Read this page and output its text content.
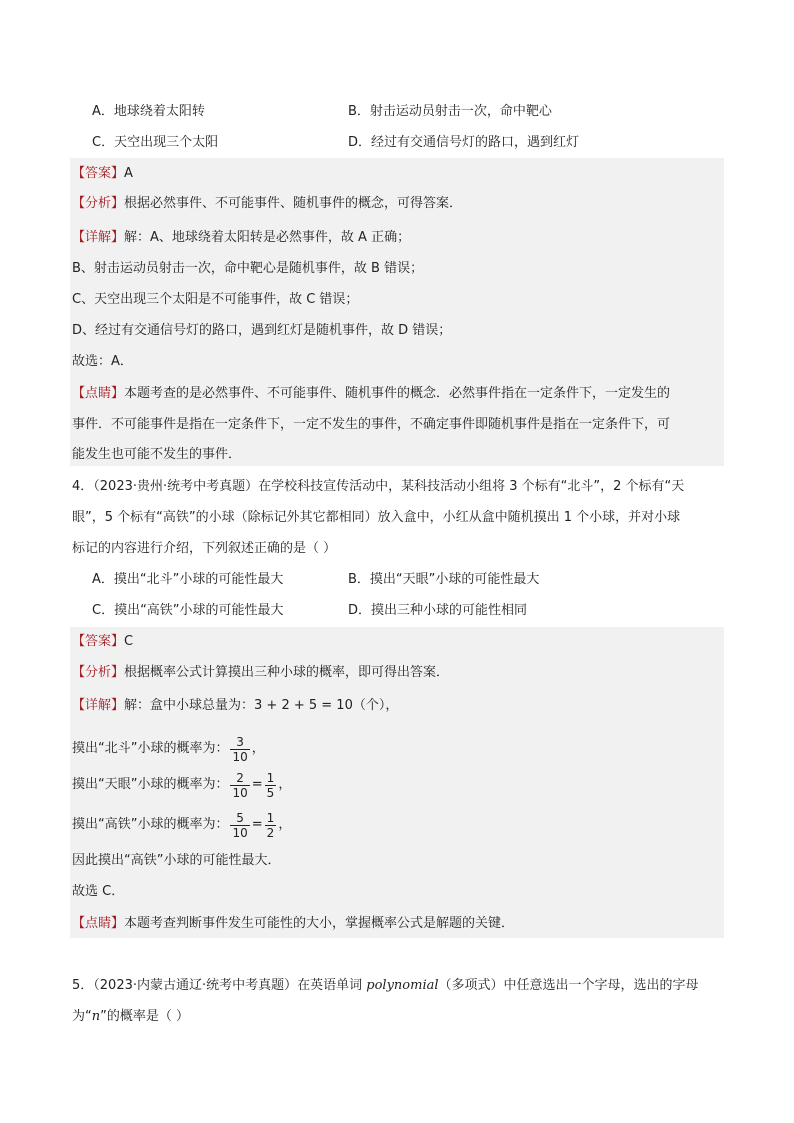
A．地球绕着太阳转	B．射击运动员射击一次，命中靶心
C．天空出现三个太阳	D．经过有交通信号灯的路口，遇到红灯
【答案】A
【分析】根据必然事件、不可能事件、随机事件的概念，可得答案．
【详解】解：A、地球绕着太阳转是必然事件，故 A 正确；
B、射击运动员射击一次，命中靶心是随机事件，故 B 错误；
C、天空出现三个太阳是不可能事件，故 C 错误；
D、经过有交通信号灯的路口，遇到红灯是随机事件，故 D 错误；
故选：A．
【点睛】本题考查的是必然事件、不可能事件、随机事件的概念．必然事件指在一定条件下，一定发生的
事件．不可能事件是指在一定条件下，一定不发生的事件，不确定事件即随机事件是指在一定条件下，可
能发生也可能不发生的事件．
4．（2023·贵州·统考中考真题）在学校科技宣传活动中，某科技活动小组将 3 个标有“北斗”，2 个标有“天
眼”，5 个标有“高铁”的小球（除标记外其它都相同）放入盒中，小红从盒中随机摸出 1 个小球，并对小球
标记的内容进行介绍，下列叙述正确的是（ ）
A．摸出“北斗”小球的可能性最大	B．摸出“天眼”小球的可能性最大
C．摸出“高铁”小球的可能性最大	D．摸出三种小球的可能性相同
【答案】C
【分析】根据概率公式计算摸出三种小球的概率，即可得出答案．
【详解】解：盒中小球总量为：3 + 2 + 5 = 10（个），
摸出“北斗”小球的概率为： $\frac{3}{10}$ ，
摸出“天眼”小球的概率为： $\frac{2}{10} = \frac{1}{5}$ ，
摸出“高铁”小球的概率为： $\frac{5}{10} = \frac{1}{2}$ ，
因此摸出“高铁”小球的可能性最大．
故选 C．
【点睛】本题考查判断事件发生可能性的大小，掌握概率公式是解题的关键．
5．（2023·内蒙古通辽·统考中考真题）在英语单词 polynomial（多项式）中任意选出一个字母，选出的字母
为“n”的概率是（ ）
